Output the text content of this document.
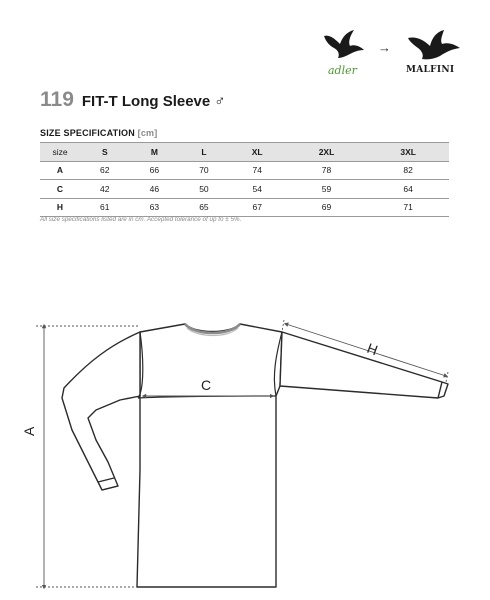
adler
→
MALFINI
119 FIT-T Long Sleeve ♂
SIZE SPECIFICATION [cm]
size	S	M	L	XL	2XL	3XL
A	62	66	70	74	78	82
C	42	46	50	54	59	64
H	61	63	65	67	69	71
All size specifications listed are in cm. Accepted tolerance of up to ± 5%.
A
C
H
